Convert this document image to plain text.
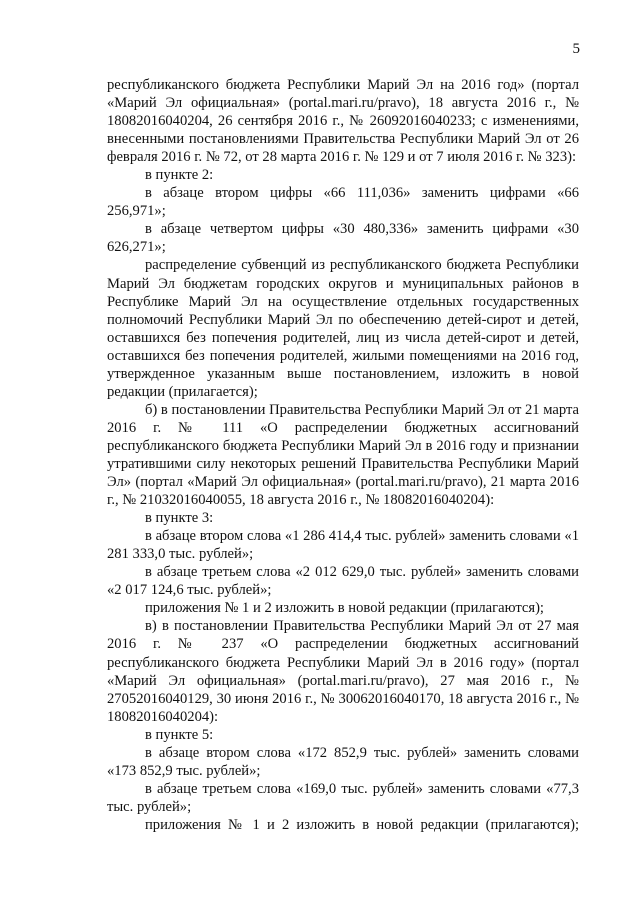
5

республиканского бюджета Республики Марий Эл на 2016 год» (портал «Марий Эл официальная» (portal.mari.ru/pravo), 18 августа 2016 г., № 18082016040204, 26 сентября 2016 г., № 26092016040233; с изменениями, внесенными постановлениями Правительства Республики Марий Эл от 26 февраля 2016 г. № 72, от 28 марта 2016 г. № 129 и от 7 июля 2016 г. № 323):

в пункте 2:

в абзаце втором цифры «66 111,036» заменить цифрами «66 256,971»;

в абзаце четвертом цифры «30 480,336» заменить цифрами «30 626,271»;

распределение субвенций из республиканского бюджета Республики Марий Эл бюджетам городских округов и муниципальных районов в Республике Марий Эл на осуществление отдельных государственных полномочий Республики Марий Эл по обеспечению детей-сирот и детей, оставшихся без попечения родителей, лиц из числа детей-сирот и детей, оставшихся без попечения родителей, жилыми помещениями на 2016 год, утвержденное указанным выше постановлением, изложить в новой редакции (прилагается);

б) в постановлении Правительства Республики Марий Эл от 21 марта 2016 г. № 111 «О распределении бюджетных ассигнований республиканского бюджета Республики Марий Эл в 2016 году и признании утратившими силу некоторых решений Правительства Республики Марий Эл» (портал «Марий Эл официальная» (portal.mari.ru/pravo), 21 марта 2016 г., № 21032016040055, 18 августа 2016 г., № 18082016040204):

в пункте 3:

в абзаце втором слова «1 286 414,4 тыс. рублей» заменить словами «1 281 333,0 тыс. рублей»;

в абзаце третьем слова «2 012 629,0 тыс. рублей» заменить словами «2 017 124,6 тыс. рублей»;

приложения № 1 и 2 изложить в новой редакции (прилагаются);

в) в постановлении Правительства Республики Марий Эл от 27 мая 2016 г. № 237 «О распределении бюджетных ассигнований республиканского бюджета Республики Марий Эл в 2016 году» (портал «Марий Эл официальная» (portal.mari.ru/pravo), 27 мая 2016 г., № 27052016040129, 30 июня 2016 г., № 30062016040170, 18 августа 2016 г., № 18082016040204):

в пункте 5:

в абзаце втором слова «172 852,9 тыс. рублей» заменить словами «173 852,9 тыс. рублей»;

в абзаце третьем слова «169,0 тыс. рублей» заменить словами «77,3 тыс. рублей»;

приложения № 1 и 2 изложить в новой редакции (прилагаются);
